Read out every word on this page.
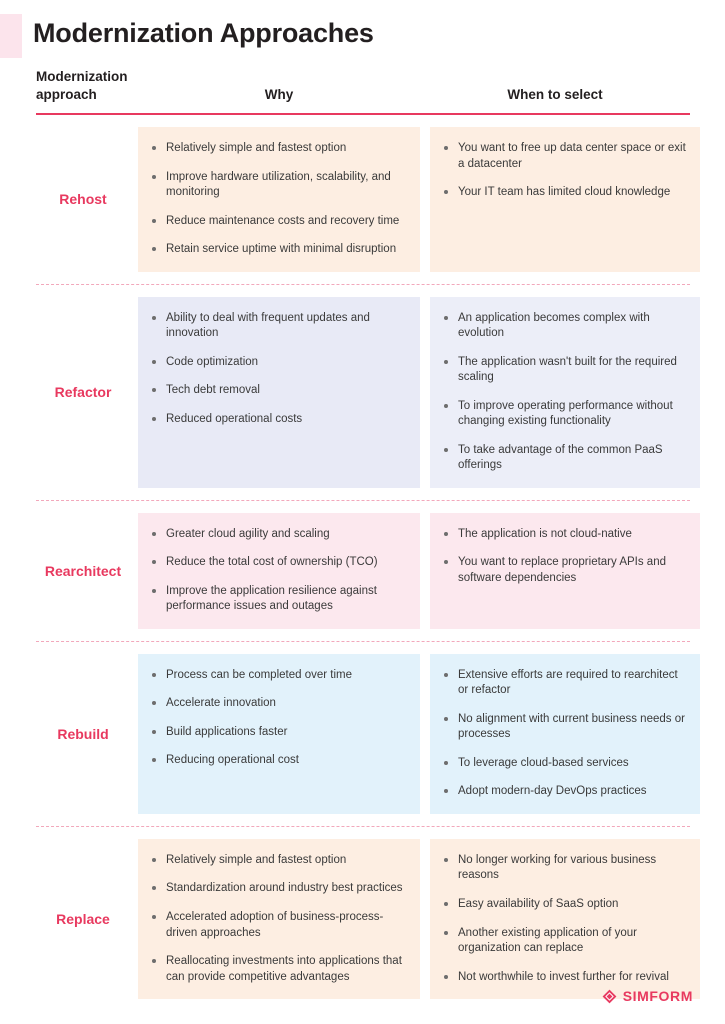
Modernization Approaches
Modernization approach	Why	When to select
Rehost
Relatively simple and fastest option
Improve hardware utilization, scalability, and monitoring
Reduce maintenance costs and recovery time
Retain service uptime with minimal disruption
You want to free up data center space or exit a datacenter
Your IT team has limited cloud knowledge
Refactor
Ability to deal with frequent updates and innovation
Code optimization
Tech debt removal
Reduced operational costs
An application becomes complex with evolution
The application wasn't built for the required scaling
To improve operating performance without changing existing functionality
To take advantage of the common PaaS offerings
Rearchitect
Greater cloud agility and scaling
Reduce the total cost of ownership (TCO)
Improve the application resilience against performance issues and outages
The application is not cloud-native
You want to replace proprietary APIs and software dependencies
Rebuild
Process can be completed over time
Accelerate innovation
Build applications faster
Reducing operational cost
Extensive efforts are required to rearchitect or refactor
No alignment with current business needs or processes
To leverage cloud-based services
Adopt modern-day DevOps practices
Replace
Relatively simple and fastest option
Standardization around industry best practices
Accelerated adoption of business-process-driven approaches
Reallocating investments into applications that can provide competitive advantages
No longer working for various business reasons
Easy availability of SaaS option
Another existing application of your organization can replace
Not worthwhile to invest further for revival
SIMFORM
